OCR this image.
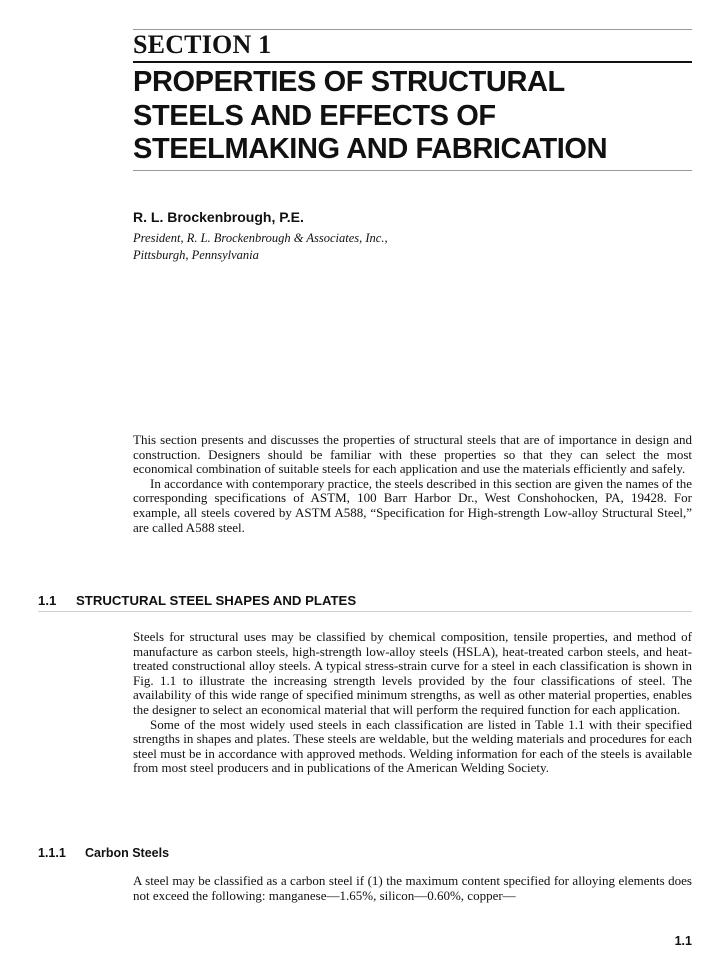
SECTION 1
PROPERTIES OF STRUCTURAL
STEELS AND EFFECTS OF
STEELMAKING AND FABRICATION
R. L. Brockenbrough, P.E.
President, R. L. Brockenbrough & Associates, Inc.,
Pittsburgh, Pennsylvania

This section presents and discusses the properties of structural steels that are of importance in design and construction. Designers should be familiar with these properties so that they can select the most economical combination of suitable steels for each application and use the materials efficiently and safely.

In accordance with contemporary practice, the steels described in this section are given the names of the corresponding specifications of ASTM, 100 Barr Harbor Dr., West Conshohocken, PA, 19428. For example, all steels covered by ASTM A588, “Specification for High-strength Low-alloy Structural Steel,” are called A588 steel.

1.1 STRUCTURAL STEEL SHAPES AND PLATES

Steels for structural uses may be classified by chemical composition, tensile properties, and method of manufacture as carbon steels, high-strength low-alloy steels (HSLA), heat-treated carbon steels, and heat-treated constructional alloy steels. A typical stress-strain curve for a steel in each classification is shown in Fig. 1.1 to illustrate the increasing strength levels provided by the four classifications of steel. The availability of this wide range of specified minimum strengths, as well as other material properties, enables the designer to select an economical material that will perform the required function for each application.

Some of the most widely used steels in each classification are listed in Table 1.1 with their specified strengths in shapes and plates. These steels are weldable, but the welding materials and procedures for each steel must be in accordance with approved methods. Welding information for each of the steels is available from most steel producers and in publications of the American Welding Society.

1.1.1 Carbon Steels

A steel may be classified as a carbon steel if (1) the maximum content specified for alloying elements does not exceed the following: manganese—1.65%, silicon—0.60%, copper—

1.1
